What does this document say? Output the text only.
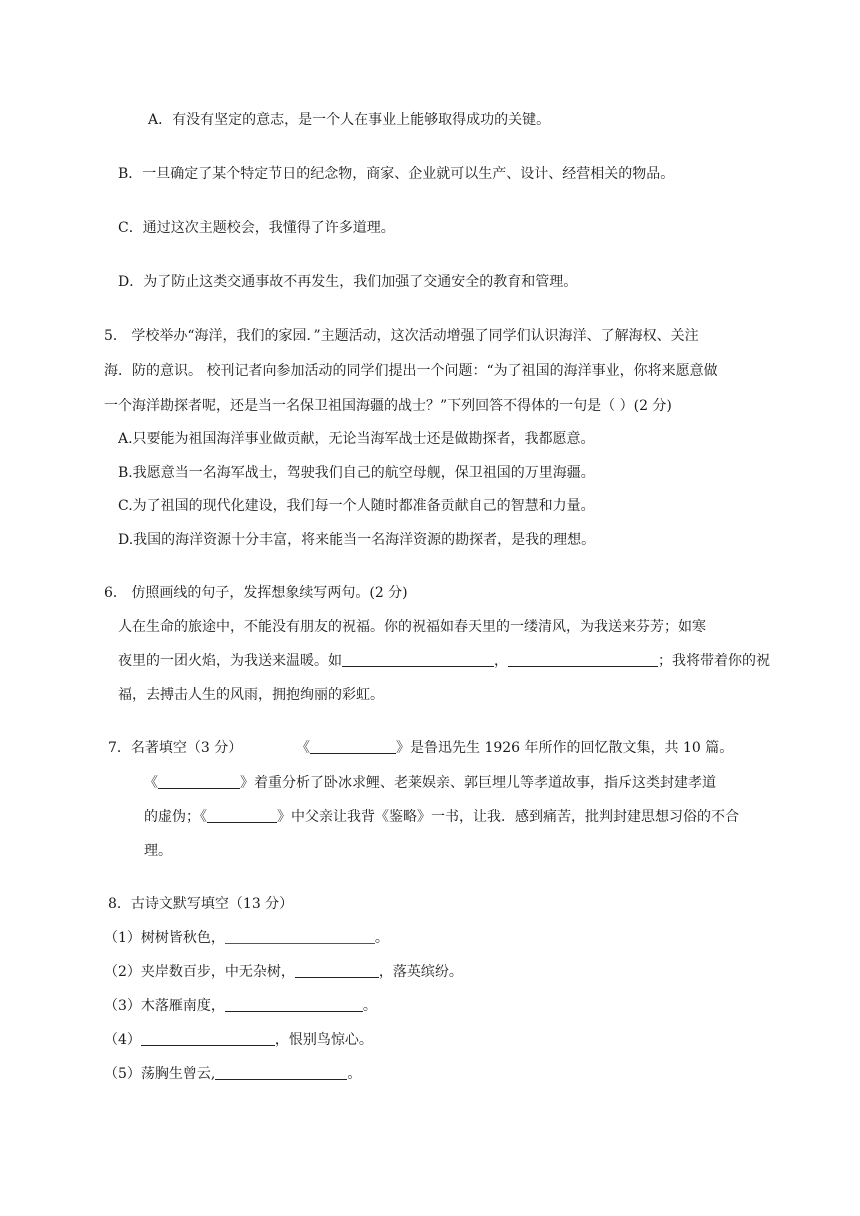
A．有没有坚定的意志，是一个人在事业上能够取得成功的关键。
B．一旦确定了某个特定节日的纪念物，商家、企业就可以生产、设计、经营相关的物品。
C．通过这次主题校会，我懂得了许多道理。
D．为了防止这类交通事故不再发生，我们加强了交通安全的教育和管理。
5． 学校举办“海洋，我们的家园．”主题活动，这次活动增强了同学们认识海洋、了解海权、关注
海．防的意识。 校刊记者向参加活动的同学们提出一个问题：“为了祖国的海洋事业，你将来愿意做
一个海洋勘探者呢，还是当一名保卫祖国海疆的战士？”下列回答不得体的一句是（ ）(2 分)
A.只要能为祖国海洋事业做贡献，无论当海军战士还是做勘探者，我都愿意。
B.我愿意当一名海军战士，驾驶我们自己的航空母舰，保卫祖国的万里海疆。
C.为了祖国的现代化建设，我们每一个人随时都准备贡献自己的智慧和力量。
D.我国的海洋资源十分丰富，将来能当一名海洋资源的勘探者，是我的理想。
6． 仿照画线的句子，发挥想象续写两句。(2 分)
人在生命的旅途中，不能没有朋友的祝福。你的祝福如春天里的一缕清风，为我送来芬芳；如寒
夜里的一团火焰，为我送来温暖。如	，	；我将带着你的祝
福，去搏击人生的风雨，拥抱绚丽的彩虹。
7．名著填空（3 分）	《	》是鲁迅先生 1926 年所作的回忆散文集，共 10 篇。
《	》着重分析了卧冰求鲤、老莱娱亲、郭巨埋儿等孝道故事，指斥这类封建孝道
的虚伪；《	》中父亲让我背《鉴略》一书，让我．感到痛苦，批判封建思想习俗的不合
理。
8．古诗文默写填空（13 分）
（1）树树皆秋色，	。
（2）夹岸数百步，中无杂树，	，落英缤纷。
（3）木落雁南度，	。
（4）	，恨别鸟惊心。
（5）荡胸生曾云,	。
